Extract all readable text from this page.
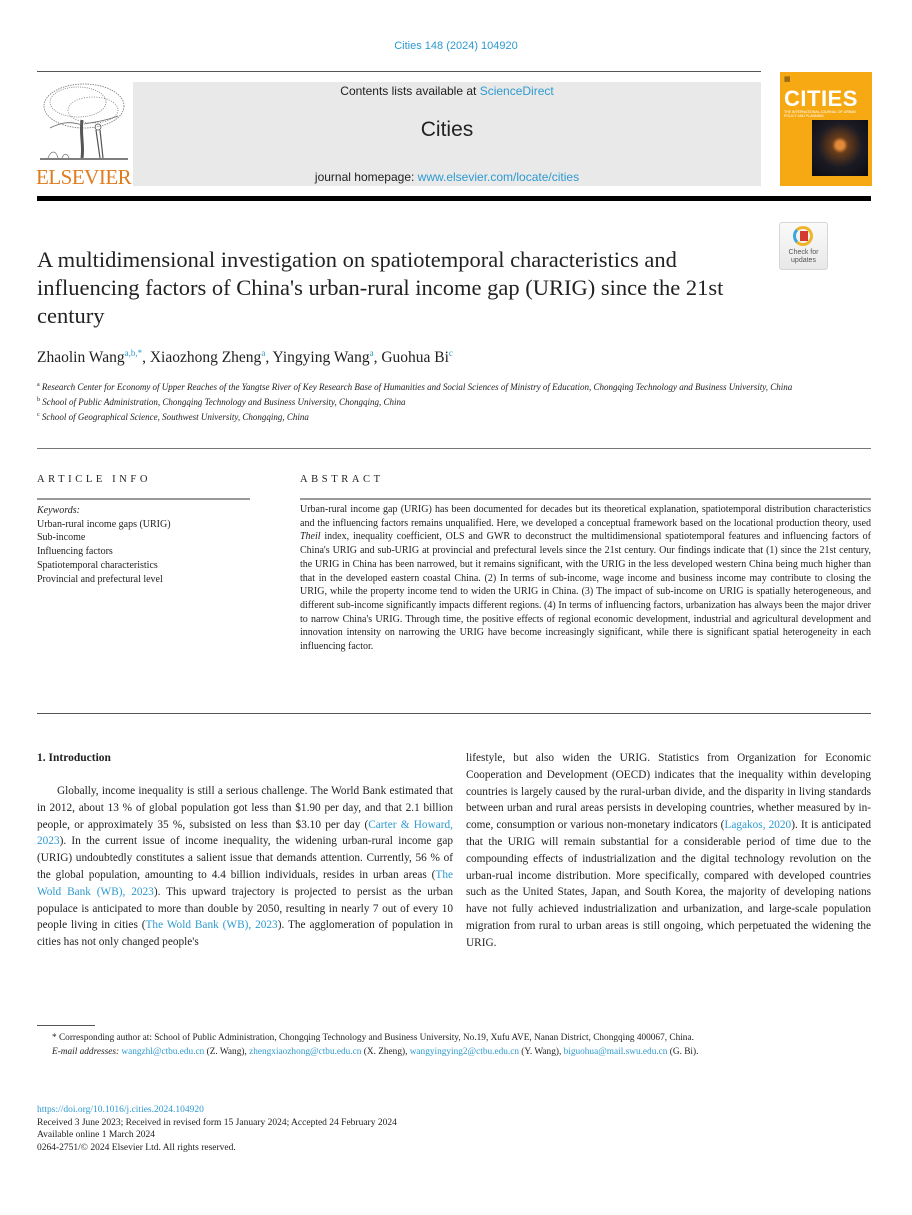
Cities 148 (2024) 104920
ELSEVIER
Contents lists available at ScienceDirect
Cities
journal homepage: www.elsevier.com/locate/cities
▦
CITIES
THE INTERNATIONAL JOURNAL OF URBAN POLICY AND PLANNING
Check for
updates
A multidimensional investigation on spatiotemporal characteristics and influencing factors of China's urban-rural income gap (URIG) since the 21st century
Zhaolin Wang$^{a,b,*}$, Xiaozhong Zheng$^a$, Yingying Wang$^a$, Guohua Bi$^c$
$^a$ Research Center for Economy of Upper Reaches of the Yangtse River of Key Research Base of Humanities and Social Sciences of Ministry of Education, Chongqing Technology and Business University, China
$^b$ School of Public Administration, Chongqing Technology and Business University, Chongqing, China
$^c$ School of Geographical Science, Southwest University, Chongqing, China
ARTICLE INFO	ABSTRACT
Keywords:
Urban-rural income gaps (URIG)
Sub-income
Influencing factors
Spatiotemporal characteristics
Provincial and prefectural level
Urban-rural income gap (URIG) has been documented for decades but its theoretical explanation, spatiotemporal distribution characteristics and the influencing factors remains unqualified. Here, we developed a conceptual framework based on the locational production theory, used Theil index, inequality coefficient, OLS and GWR to deconstruct the multidimensional spatiotemporal features and influencing factors of China's URIG and sub-URIG at provincial and prefectural levels since the 21st century. Our findings indicate that (1) since the 21st century, the URIG in China has been narrowed, but it remains significant, with the URIG in the less developed western China being much higher than that in the developed eastern coastal China. (2) In terms of sub-income, wage income and business income may contribute to closing the URIG, while the property income tend to widen the URIG in China. (3) The impact of sub-income on URIG is spatially heterogeneous, and different sub-income significantly impacts different regions. (4) In terms of influencing factors, urbanization has always been the major driver to narrow China's URIG. Through time, the positive effects of regional economic development, industrial and agricultural development and innovation intensity on narrowing the URIG have become increasingly significant, while there is significant spatial heterogeneity in each influencing factor.
1. Introduction
Globally, income inequality is still a serious challenge. The World Bank estimated that in 2012, about 13 % of global population got less than $1.90 per day, and that 2.1 billion people, or approximately 35 %, subsisted on less than $3.10 per day (Carter & Howard, 2023). In the current issue of income inequality, the widening urban-rural income gap (URIG) undoubtedly constitutes a salient issue that demands attention. Currently, 56 % of the global population, amounting to 4.4 billion individuals, resides in urban areas (The Wold Bank (WB), 2023). This upward trajectory is projected to persist as the urban populace is anticipated to more than double by 2050, resulting in nearly 7 out of every 10 people living in cities (The Wold Bank (WB), 2023). The agglomeration of population in cities has not only changed people's
lifestyle, but also widen the URIG. Statistics from Organization for Economic Cooperation and Development (OECD) indicates that the inequality within developing countries is largely caused by the rural-urban divide, and the disparity in living standards between urban and rural areas persists in developing countries, whether measured by income, consumption or various non-monetary indicators (Lagakos, 2020). It is anticipated that the URIG will remain substantial for a considerable period of time due to the compounding effects of industrialization and the digital technology revolution on the urban-rual income distribution. More specifically, compared with developed countries such as the United States, Japan, and South Korea, the majority of developing nations have not fully achieved industrialization and urbanization, and large-scale population migration from rural to urban areas is still ongoing, which perpetuated the widening the URIG.
* Corresponding author at: School of Public Administration, Chongqing Technology and Business University, No.19, Xufu AVE, Nanan District, Chongqing 400067, China.
E-mail addresses: wangzhl@ctbu.edu.cn (Z. Wang), zhengxiaozhong@ctbu.edu.cn (X. Zheng), wangyingying2@ctbu.edu.cn (Y. Wang), biguohua@mail.swu.edu.cn (G. Bi).
https://doi.org/10.1016/j.cities.2024.104920
Received 3 June 2023; Received in revised form 15 January 2024; Accepted 24 February 2024
Available online 1 March 2024
0264-2751/© 2024 Elsevier Ltd. All rights reserved.
